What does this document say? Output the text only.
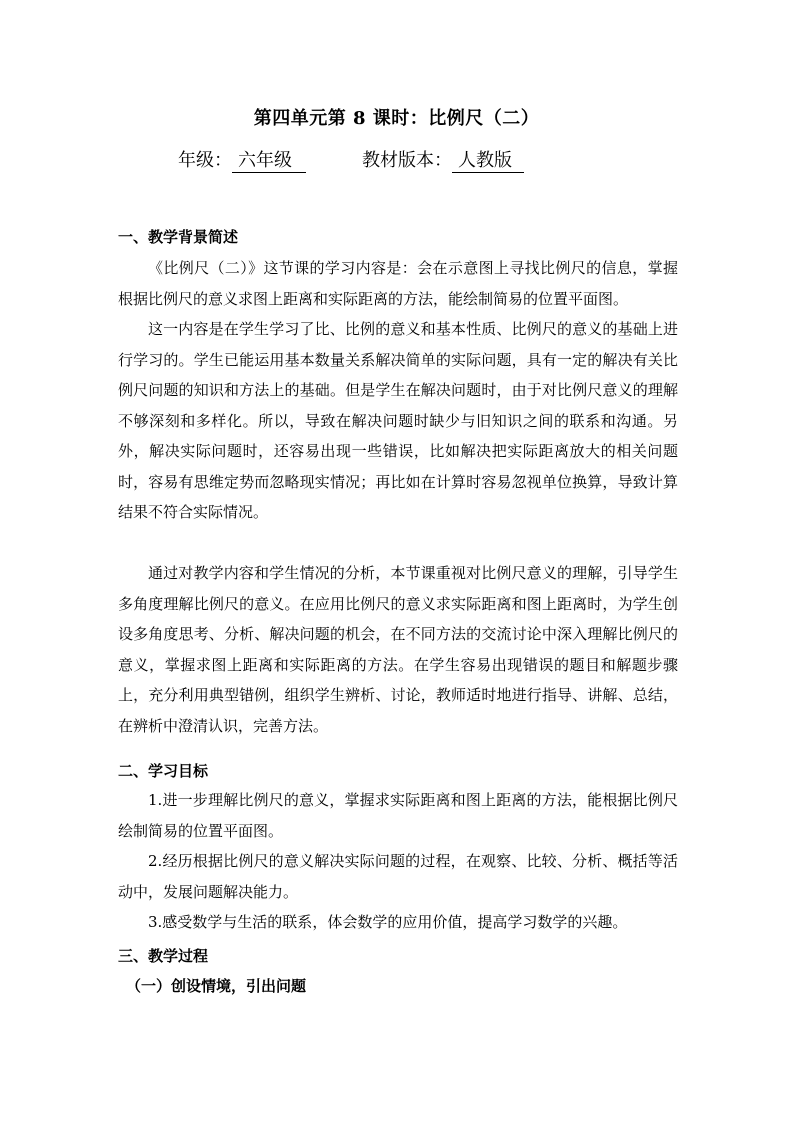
第四单元第 8 课时：比例尺（二）
年级： 六年级	教材版本： 人教版
一、教学背景简述

《比例尺（二）》这节课的学习内容是：会在示意图上寻找比例尺的信息，掌握根据比例尺的意义求图上距离和实际距离的方法，能绘制简易的位置平面图。

这一内容是在学生学习了比、比例的意义和基本性质、比例尺的意义的基础上进行学习的。学生已能运用基本数量关系解决简单的实际问题，具有一定的解决有关比例尺问题的知识和方法上的基础。但是学生在解决问题时，由于对比例尺意义的理解不够深刻和多样化。所以，导致在解决问题时缺少与旧知识之间的联系和沟通。另外，解决实际问题时，还容易出现一些错误，比如解决把实际距离放大的相关问题时，容易有思维定势而忽略现实情况；再比如在计算时容易忽视单位换算，导致计算结果不符合实际情况。

通过对教学内容和学生情况的分析，本节课重视对比例尺意义的理解，引导学生多角度理解比例尺的意义。在应用比例尺的意义求实际距离和图上距离时，为学生创设多角度思考、分析、解决问题的机会，在不同方法的交流讨论中深入理解比例尺的意义，掌握求图上距离和实际距离的方法。在学生容易出现错误的题目和解题步骤上，充分利用典型错例，组织学生辨析、讨论，教师适时地进行指导、讲解、总结，在辨析中澄清认识，完善方法。

二、学习目标

1.进一步理解比例尺的意义，掌握求实际距离和图上距离的方法，能根据比例尺绘制简易的位置平面图。

2.经历根据比例尺的意义解决实际问题的过程，在观察、比较、分析、概括等活动中，发展问题解决能力。

3.感受数学与生活的联系，体会数学的应用价值，提高学习数学的兴趣。

三、教学过程
（一）创设情境，引出问题
